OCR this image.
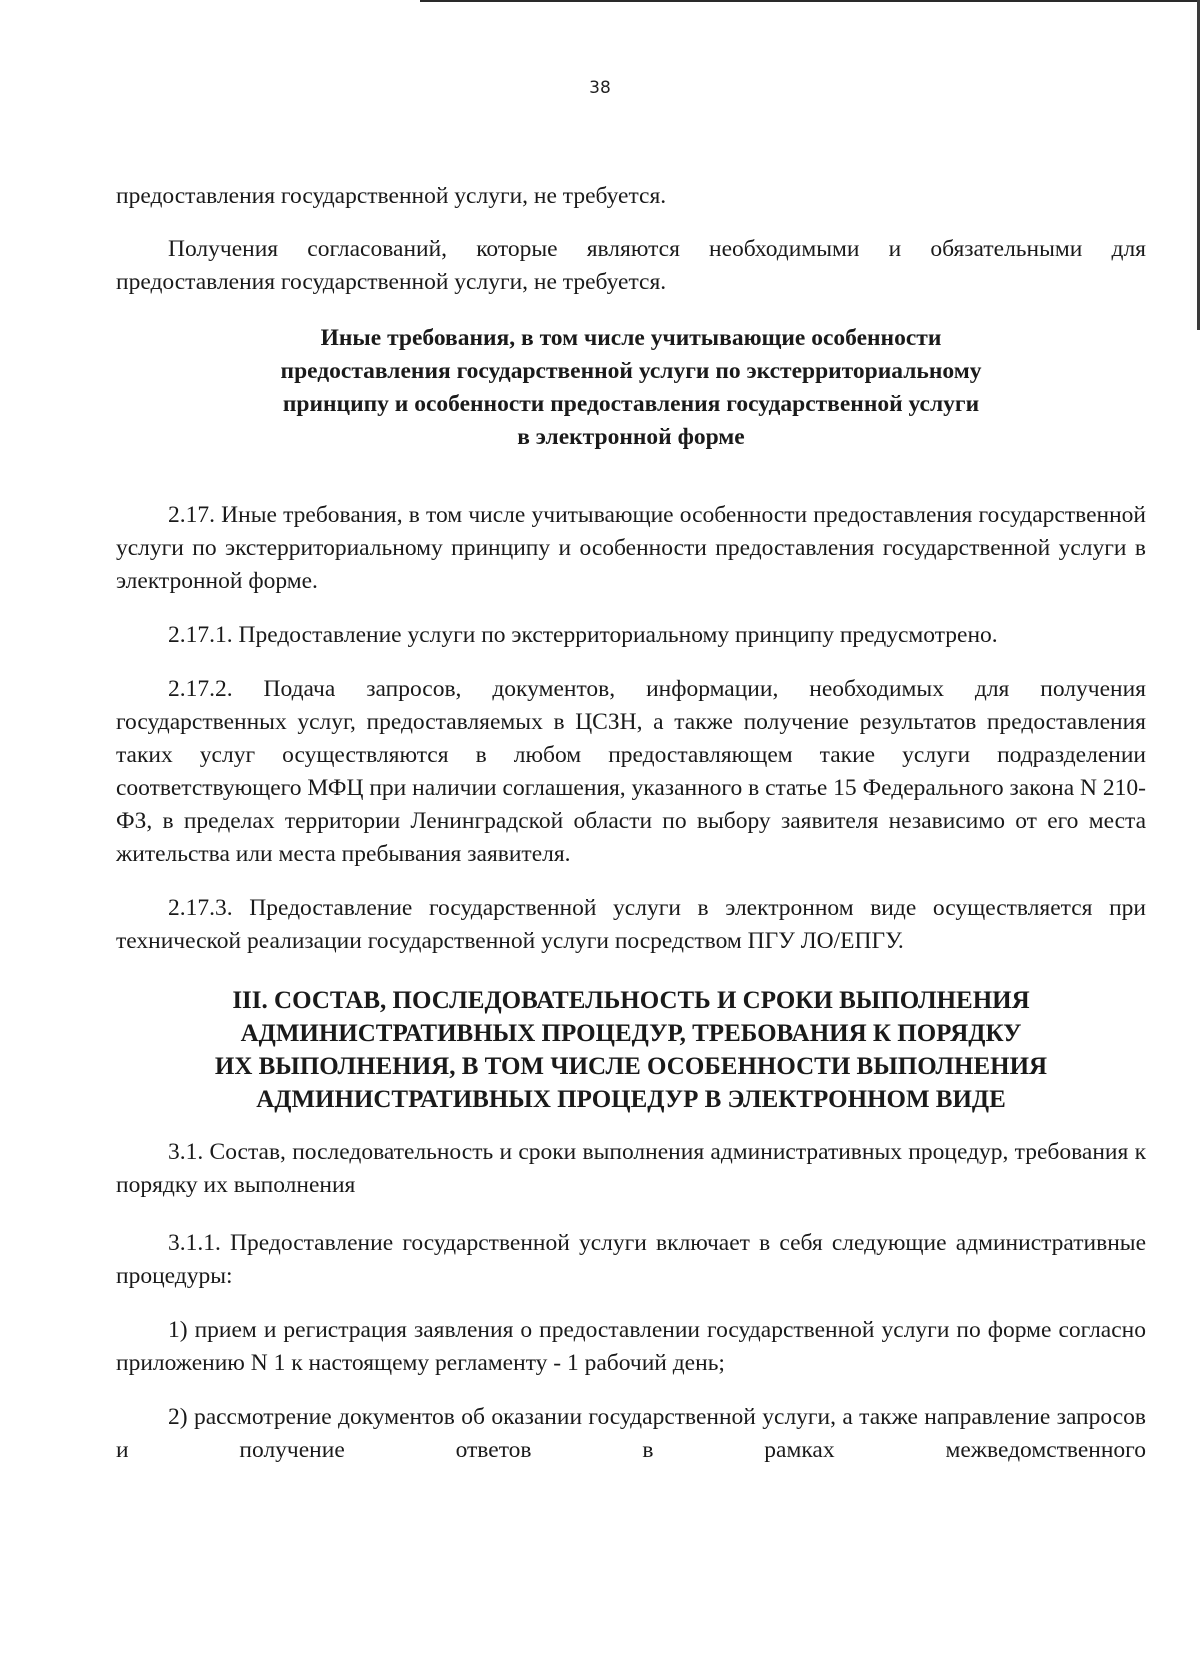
38

предоставления государственной услуги, не требуется.

Получения согласований, которые являются необходимыми и обязательными для предоставления государственной услуги, не требуется.

Иные требования, в том числе учитывающие особенности
предоставления государственной услуги по экстерриториальному
принципу и особенности предоставления государственной услуги
в электронной форме

2.17. Иные требования, в том числе учитывающие особенности предоставления государственной услуги по экстерриториальному принципу и особенности предоставления государственной услуги в электронной форме.

2.17.1. Предоставление услуги по экстерриториальному принципу предусмотрено.

2.17.2. Подача запросов, документов, информации, необходимых для получения государственных услуг, предоставляемых в ЦСЗН, а также получение результатов предоставления таких услуг осуществляются в любом предоставляющем такие услуги подразделении соответствующего МФЦ при наличии соглашения, указанного в статье 15 Федерального закона N 210-ФЗ, в пределах территории Ленинградской области по выбору заявителя независимо от его места жительства или места пребывания заявителя.

2.17.3. Предоставление государственной услуги в электронном виде осуществляется при технической реализации государственной услуги посредством ПГУ ЛО/ЕПГУ.

III. СОСТАВ, ПОСЛЕДОВАТЕЛЬНОСТЬ И СРОКИ ВЫПОЛНЕНИЯ
АДМИНИСТРАТИВНЫХ ПРОЦЕДУР, ТРЕБОВАНИЯ К ПОРЯДКУ
ИХ ВЫПОЛНЕНИЯ, В ТОМ ЧИСЛЕ ОСОБЕННОСТИ ВЫПОЛНЕНИЯ
АДМИНИСТРАТИВНЫХ ПРОЦЕДУР В ЭЛЕКТРОННОМ ВИДЕ

3.1. Состав, последовательность и сроки выполнения административных процедур, требования к порядку их выполнения

3.1.1. Предоставление государственной услуги включает в себя следующие административные процедуры:

1) прием и регистрация заявления о предоставлении государственной услуги по форме согласно приложению N 1 к настоящему регламенту - 1 рабочий день;

2) рассмотрение документов об оказании государственной услуги, а также направление запросов и получение ответов в рамках межведомственного
